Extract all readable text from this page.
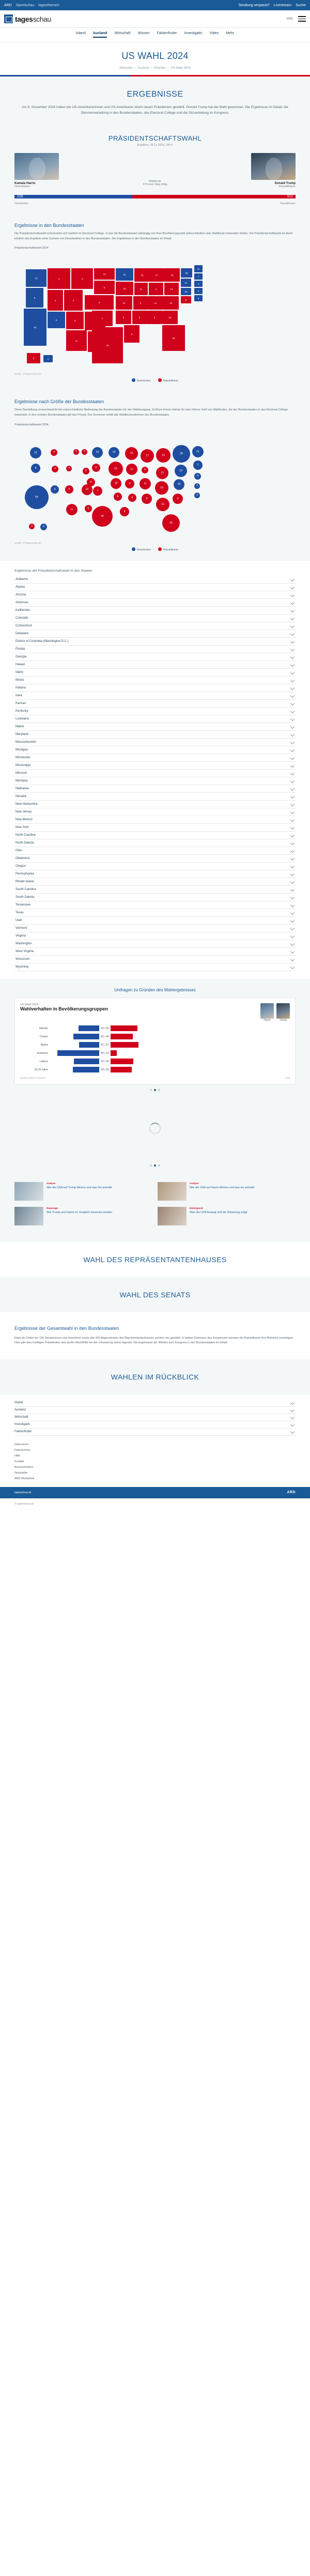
ARD Sportschau tagesthemen	Sendung verpasst? Livestream Suche
tagesschau	ARD
Inland Ausland Wirtschaft Wissen Faktenfinder Investigativ Video Mehr
US WAHL 2024
Startseite › Ausland › Amerika › US-Wahl 2024
ERGEBNISSE

Am 5. November 2024 haben die US-Amerikanerinnen und US-Amerikaner einen neuen Präsidenten gewählt. Donald Trump hat die Wahl gewonnen. Die Ergebnisse im Detail: die Stimmenverteilung in den Bundesstaaten, das Electoral College und die Sitzverteilung im Kongress.

PRÄSIDENTSCHAFTSWAHL
Ergebnis, 05.11.2024, 18h 0
Kamala Harris
Demokraten
Wahlleute
270 zum Sieg nötig	Donald Trump
Republikaner
226	312
Demokraten	Republikaner
Ergebnisse in den Bundesstaaten

Die Präsidentschaftswahl entscheidet sich letztlich im Electoral College. In das die Bundesstaaten abhängig von ihrer Bevölkerungszahl unterschiedlich viele Wahlleute entsenden dürfen. Die Präsidentschaftswahl ist damit letztlich das Ergebnis einer Summe von Einzelwahlen in den Bundesstaaten. Die Ergebnisse in den Bundesstaaten im Detail:

Präsidentschaftswahl 2024
12
8
54
4
4
6
3
6
11
3
10
6
6
7
40
10
19
10
6
8
15
11
8
6
17
4
11
9
19
13
16
16
30
28
14
10
9
11
7
4
3
3
3	4
Quelle: AP/tagesschau.de
Demokraten	Republikaner
Ergebnisse nach Größe der Bundesstaaten

Diese Darstellung veranschaulicht die unterschiedliche Bedeutung der Bundesstaaten für den Wahlausgang. Größere Kreise stehen für eine höhere Zahl von Wahlleuten, die der Bundesstaaten in das Electoral College entsendet. In den meisten Bundesstaaten gilt das Prinzip: Der Gewinner erhält alle Wahlleutenstimmen des Bundesstaates.

Präsidentschaftswahl 2024
54
12
8
4
4
6
3
6
11
10
5
3	3	10
6
5
6
7
40
10
19
10
6
8
15
11
8
6
17
4
11
9
19
13
16
16
30
28
14
10
9
11
7
4
3
3
3	4
Quelle: AP/tagesschau.de
Demokraten	Republikaner
Ergebnisse der Präsidentschaftswahl in den Staaten
Alabama
Alaska
Arizona
Arkansas
Kalifornien
Colorado
Connecticut
Delaware
District of Columbia (Washington D.C.)
Florida
Georgia
Hawaii
Idaho
Illinois
Indiana
Iowa
Kansas
Kentucky
Louisiana
Maine
Maryland
Massachusetts
Michigan
Minnesota
Mississippi
Missouri
Montana
Nebraska
Nevada
New Hampshire
New Jersey
New Mexico
New York
North Carolina
North Dakota
Ohio
Oklahoma
Oregon
Pennsylvania
Rhode Island
South Carolina
South Dakota
Tennessee
Texas
Utah
Vermont
Virginia
Washington
West Virginia
Wisconsin
Wyoming
Umfragen zu Gründen des Wahlergebnisses
US Wahl 2024
Wahlverhalten in Bevölkerungsgruppen
Harris	Trump
Männer	42 | 55
Frauen	53 | 45
Weiße	41 | 57
Schwarze	85 | 13
Latinos	52 | 46
18-29 Jahre	54 | 43
Quelle: Edison Research	ARD
Analyse
Wie die USA auf Trump blicken und was ihn antreibt
Analyse
Wie die USA auf Harris blicken und was sie antreibt
Reportage
Wie Trump und Harris im Vergleich bewertet werden
Hintergrund
Was die USA bewegt und die Stimmung prägt
WAHL DES REPRÄSENTANTENHAUSES
WAHL DES SENATS
Ergebnisse der Gesamtwahl in den Bundesstaaten

Etwa ein Drittel der 100 Senatorinnen und Senatoren sowie alle 435 Abgeordneten des Repräsentantenhauses wurden neu gewählt. In beiden Kammern des Kongresses konnten die Republikaner ihre Mehrheit verteidigen. Dies gibt dem künftigen Präsidenten eine große Machtfülle bei der Umsetzung seiner Agenda. Die Ergebnisse der Wahlen zum Kongress in den Bundesstaaten im Detail:

WAHLEN IM RÜCKBLICK
Inland
Ausland
Wirtschaft
Investigativ
Faktenfinder
Impressum
Datenschutz
Hilfe
Kontakt
Barrierefreiheit
Newsletter
ARD Mediathek
tagesschau.de	ARD
© tagesschau.de
